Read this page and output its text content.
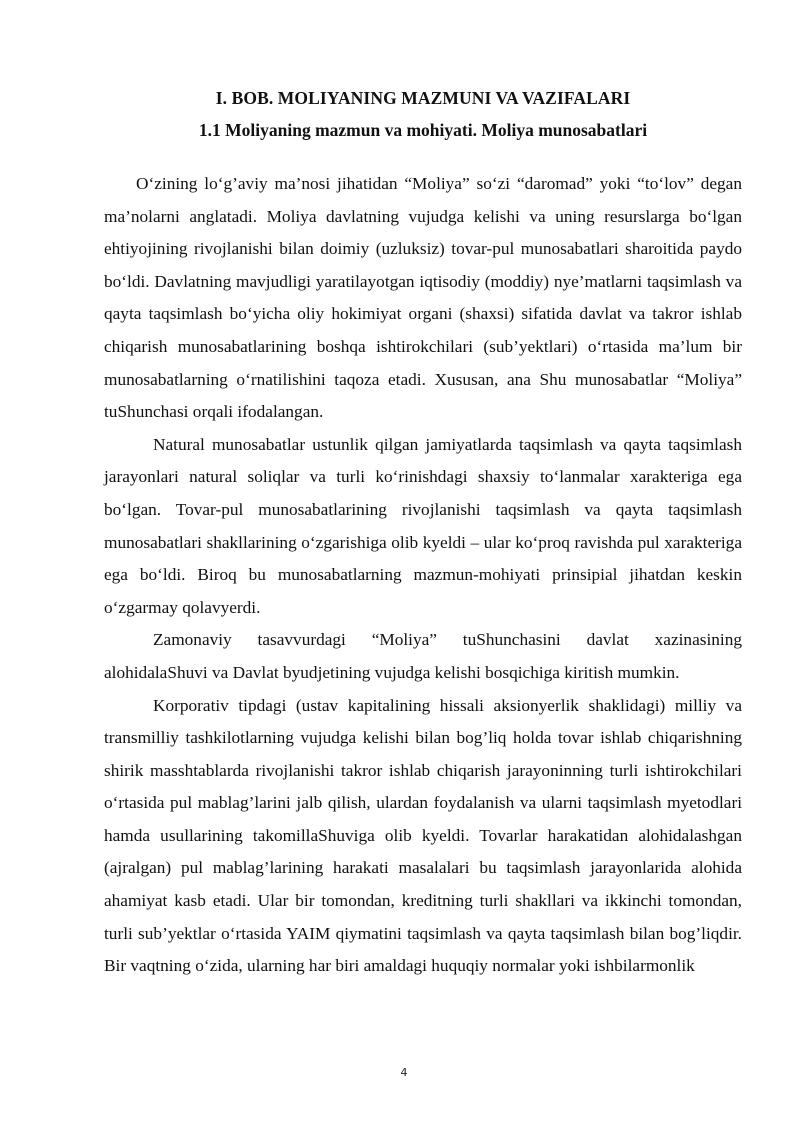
I. BOB. MOLIYANING MAZMUNI VA VAZIFALARI
1.1 Moliyaning mazmun va mohiyati. Moliya munosabatlari

O‘zining lo‘g’aviy ma’nosi jihatidan “Moliya” so‘zi “daromad” yoki “to‘lov” degan ma’nolarni anglatadi. Moliya davlatning vujudga kelishi va uning resurslarga bo‘lgan ehtiyojining rivojlanishi bilan doimiy (uzluksiz) tovar-pul munosabatlari sharoitida paydo bo‘ldi. Davlatning mavjudligi yaratilayotgan iqtisodiy (moddiy) nye’matlarni taqsimlash va qayta taqsimlash bo‘yicha oliy hokimiyat organi (shaxsi) sifatida davlat va takror ishlab chiqarish munosabatlarining boshqa ishtirokchilari (sub’yektlari) o‘rtasida ma’lum bir munosabatlarning o‘rnatilishini taqoza etadi. Xususan, ana Shu munosabatlar “Moliya” tuShunchasi orqali ifodalangan.

Natural munosabatlar ustunlik qilgan jamiyatlarda taqsimlash va qayta taqsimlash jarayonlari natural soliqlar va turli ko‘rinishdagi shaxsiy to‘lanmalar xarakteriga ega bo‘lgan. Tovar-pul munosabatlarining rivojlanishi taqsimlash va qayta taqsimlash munosabatlari shakllarining o‘zgarishiga olib kyeldi – ular ko‘proq ravishda pul xarakteriga ega bo‘ldi. Biroq bu munosabatlarning mazmun-mohiyati prinsipial jihatdan keskin o‘zgarmay qolavyerdi.

Zamonaviy tasavvurdagi “Moliya” tuShunchasini davlat xazinasining alohidalaShuvi va Davlat byudjetining vujudga kelishi bosqichiga kiritish mumkin.

Korporativ tipdagi (ustav kapitalining hissali aksionyerlik shaklidagi) milliy va transmilliy tashkilotlarning vujudga kelishi bilan bog’liq holda tovar ishlab chiqarishning shirik masshtablarda rivojlanishi takror ishlab chiqarish jarayoninning turli ishtirokchilari o‘rtasida pul mablag’larini jalb qilish, ulardan foydalanish va ularni taqsimlash myetodlari hamda usullarining takomillaShuviga olib kyeldi. Tovarlar harakatidan alohidalashgan (ajralgan) pul mablag’larining harakati masalalari bu taqsimlash jarayonlarida alohida ahamiyat kasb etadi. Ular bir tomondan, kreditning turli shakllari va ikkinchi tomondan, turli sub’yektlar o‘rtasida YAIM qiymatini taqsimlash va qayta taqsimlash bilan bog’liqdir. Bir vaqtning o‘zida, ularning har biri amaldagi huquqiy normalar yoki ishbilarmonlik

4
